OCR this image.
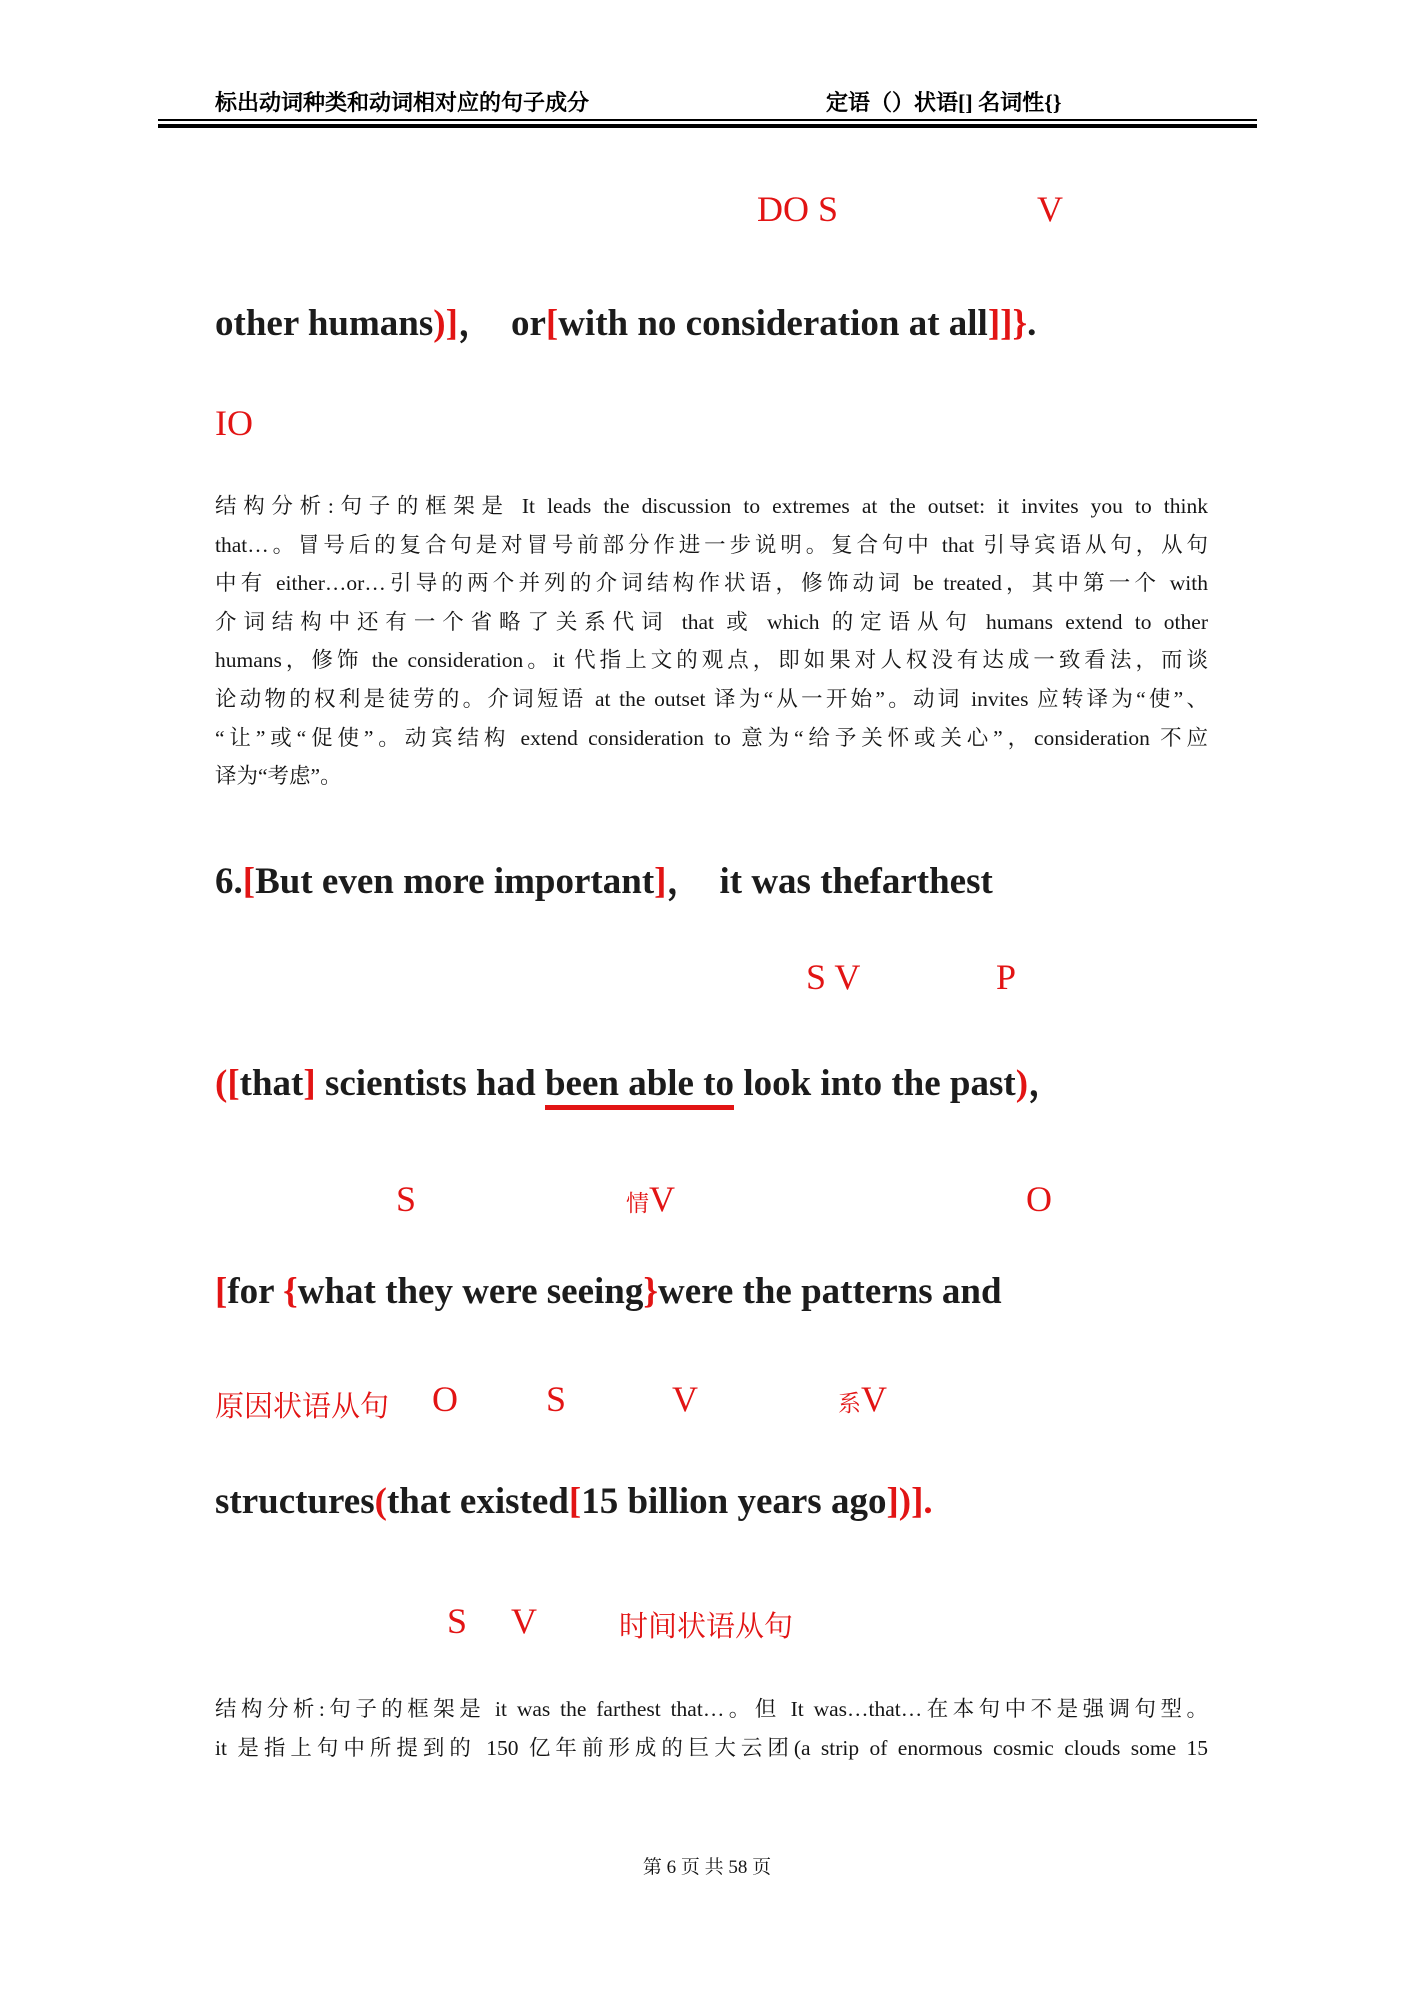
标出动词种类和动词相对应的句子成分	定语（）状语[] 名词性{}
DO S	V
other humans)]， or[with no consideration at all]]}.
IO
结构分析:句子的框架是 It leads the discussion to extremes at the outset: it invites you to think
that…。冒号后的复合句是对冒号前部分作进一步说明。复合句中 that 引导宾语从句，从句
中有 either…or…引导的两个并列的介词结构作状语，修饰动词 be treated，其中第一个 with
介词结构中还有一个省略了关系代词 that 或 which 的定语从句 humans extend to other
humans，修饰 the consideration。it 代指上文的观点，即如果对人权没有达成一致看法，而谈
论动物的权利是徒劳的。介词短语 at the outset 译为“从一开始”。动词 invites 应转译为“使”、
“让”或“促使”。动宾结构 extend consideration to 意为“给予关怀或关心”，consideration 不应
译为“考虑”。
6.[But even more important]， it was thefarthest
S V	P
([that] scientists had been able to look into the past)，
S	情V	O
[for {what they were seeing}were the patterns and
原因状语从句 O S	V	系V
structures(that existed[15 billion years ago])].
S V	时间状语从句
结构分析:句子的框架是 it was the farthest that…。但 It was…that…在本句中不是强调句型。
it 是指上句中所提到的 150 亿年前形成的巨大云团(a strip of enormous cosmic clouds some 15
第 6 页 共 58 页
